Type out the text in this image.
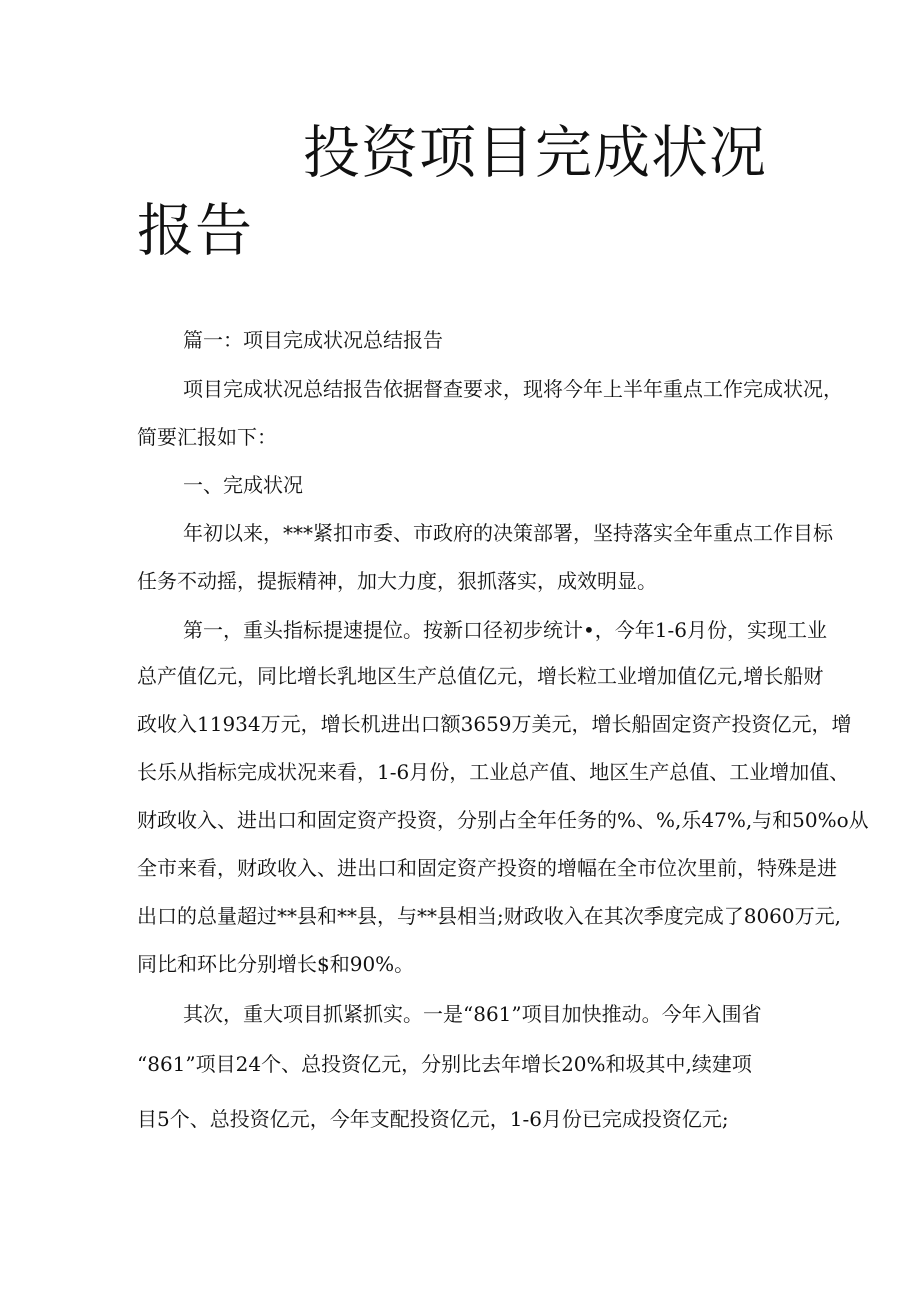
投资项目完成状况
报告
篇一：项目完成状况总结报告
项目完成状况总结报告依据督查要求，现将今年上半年重点工作完成状况，
简要汇报如下：
一、完成状况
年初以来，***紧扣市委、市政府的决策部署，坚持落实全年重点工作目标
任务不动摇，提振精神，加大力度，狠抓落实，成效明显。
第一，重头指标提速提位。按新口径初步统计•，今年1-6月份，实现工业
总产值亿元，同比增长乳地区生产总值亿元，增长粒工业增加值亿元,增长船财
政收入11934万元，增长机进出口额3659万美元，增长船固定资产投资亿元，增
长乐从指标完成状况来看，1-6月份，工业总产值、地区生产总值、工业增加值、
财政收入、进出口和固定资产投资，分别占全年任务的%、%,乐47%,与和50%o从
全市来看，财政收入、进出口和固定资产投资的增幅在全市位次里前，特殊是进
出口的总量超过**县和**县，与**县相当;财政收入在其次季度完成了8060万元,
同比和环比分别增长$和90%。
其次，重大项目抓紧抓实。一是“861”项目加快推动。今年入围省
“861”项目24个、总投资亿元，分别比去年增长20%和圾其中,续建项
目5个、总投资亿元，今年支配投资亿元，1-6月份已完成投资亿元;
